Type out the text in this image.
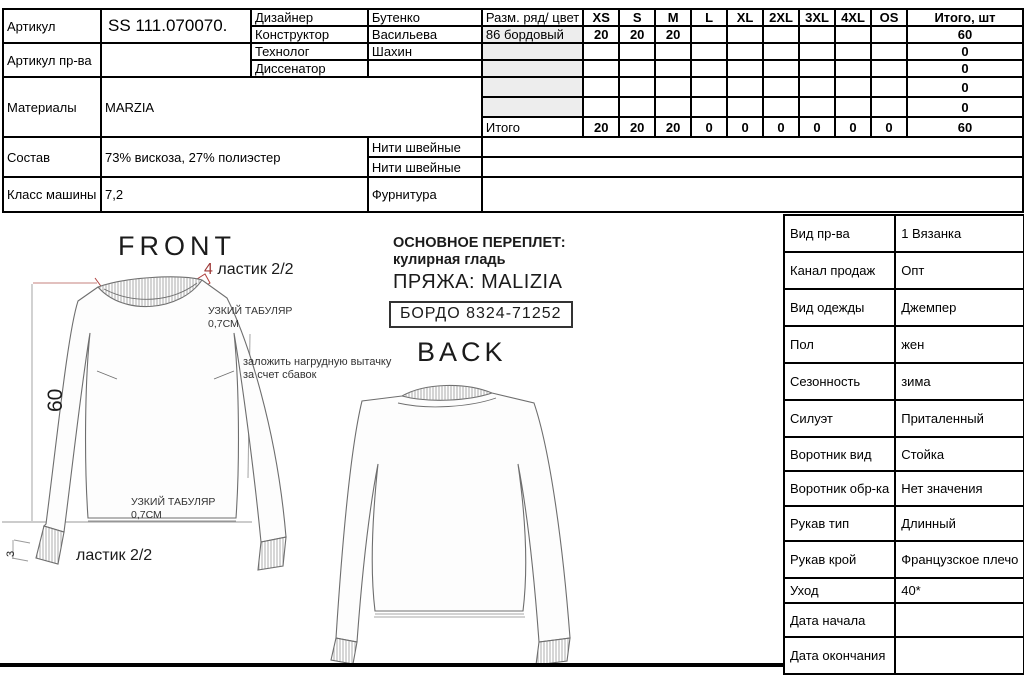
Артикул	SS 111.070070.	Дизайнер	Бутенко	Разм. ряд/ цвет	XS	S	M	L	XL	2XL	3XL	4XL	OS	Итого, шт
		Конструктор	Васильева	86 бордовый	20	20	20							60
Артикул пр-ва		Технолог	Шахин											0
		Диссенатор												0
Материалы	MARZIA													0
														0
				Итого	20	20	20	0	0	0	0	0	0	60
Состав	73% вискоза, 27% полиэстер		Нити швейные											
			Нити швейные											
Класс машины	7,2		Фурнитура											
FRONT
4 ластик 2/2
УЗКИЙ ТАБУЛЯР
0,7СМ
заложить нагрудную вытачку
за счет сбавок
60
УЗКИЙ ТАБУЛЯР
0,7СМ
3	ластик 2/2
ОСНОВНОЕ ПЕРЕПЛЕТ:
кулирная гладь
ПРЯЖА: MALIZIA
БОРДО 8324-71252
BACK
Вид пр-ва	1 Вязанка
Канал продаж	Опт
Вид одежды	Джемпер
Пол	жен
Сезонность	зима
Силуэт	Приталенный
Воротник вид	Стойка
Воротник обр-ка	Нет значения
Рукав тип	Длинный
Рукав крой	Французское плечо
Уход	40*
Дата начала	
Дата окончания	
